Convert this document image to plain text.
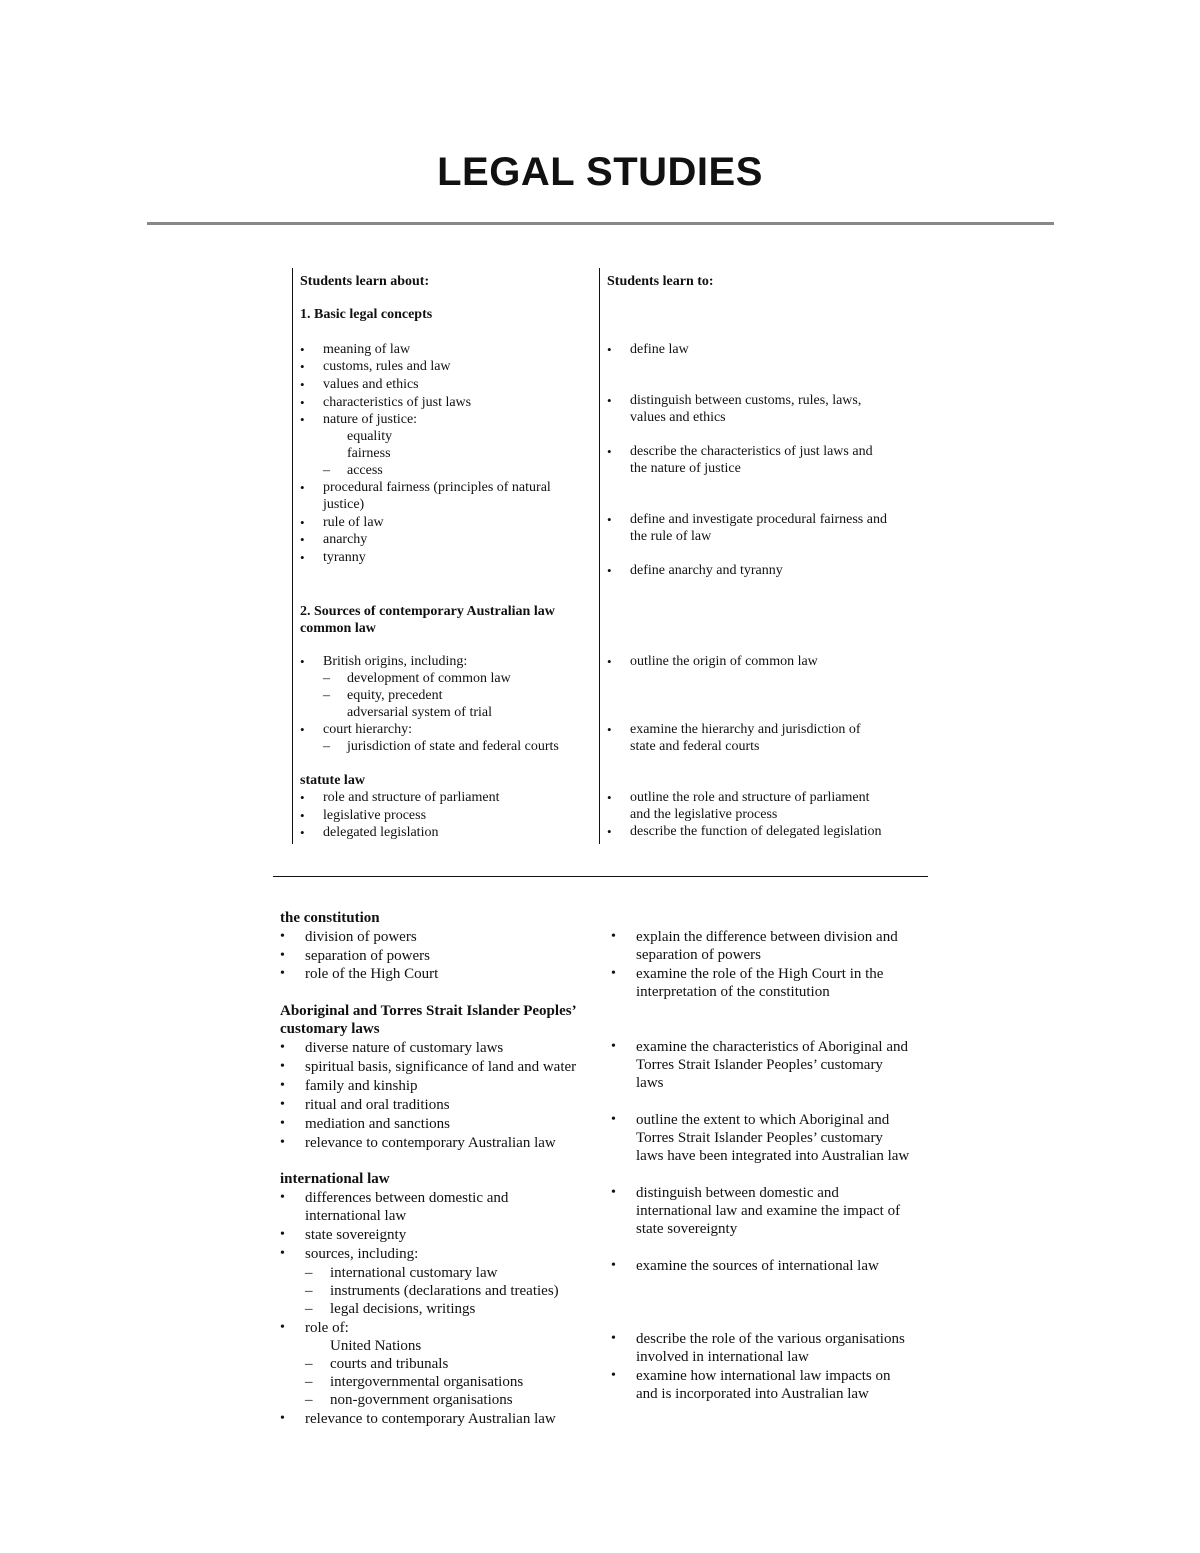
LEGAL STUDIES
Students learn about:	Students learn to:
1. Basic legal concepts
• meaning of law
• customs, rules and law
• values and ethics
• characteristics of just laws
• nature of justice:
equality
fairness
– access
• procedural fairness (principles of natural
justice)
• rule of law
• anarchy
• tyranny
• define law
• distinguish between customs, rules, laws,
values and ethics
• describe the characteristics of just laws and
the nature of justice
• define and investigate procedural fairness and
the rule of law
• define anarchy and tyranny
2. Sources of contemporary Australian law
common law
• British origins, including:
– development of common law
– equity, precedent
adversarial system of trial
• court hierarchy:
– jurisdiction of state and federal courts
statute law
• role and structure of parliament
• legislative process
• delegated legislation
• outline the origin of common law
• examine the hierarchy and jurisdiction of
state and federal courts
• outline the role and structure of parliament
and the legislative process
• describe the function of delegated legislation
the constitution
• division of powers
• separation of powers
• role of the High Court
Aboriginal and Torres Strait Islander Peoples’
customary laws
• diverse nature of customary laws
• spiritual basis, significance of land and water
• family and kinship
• ritual and oral traditions
• mediation and sanctions
• relevance to contemporary Australian law
international law
• differences between domestic and
international law
• state sovereignty
• sources, including:
– international customary law
– instruments (declarations and treaties)
– legal decisions, writings
• role of:
United Nations
– courts and tribunals
– intergovernmental organisations
– non-government organisations
• relevance to contemporary Australian law
• explain the difference between division and
separation of powers
• examine the role of the High Court in the
interpretation of the constitution
• examine the characteristics of Aboriginal and
Torres Strait Islander Peoples’ customary
laws
• outline the extent to which Aboriginal and
Torres Strait Islander Peoples’ customary
laws have been integrated into Australian law
• distinguish between domestic and
international law and examine the impact of
state sovereignty
• examine the sources of international law
• describe the role of the various organisations
involved in international law
• examine how international law impacts on
and is incorporated into Australian law
